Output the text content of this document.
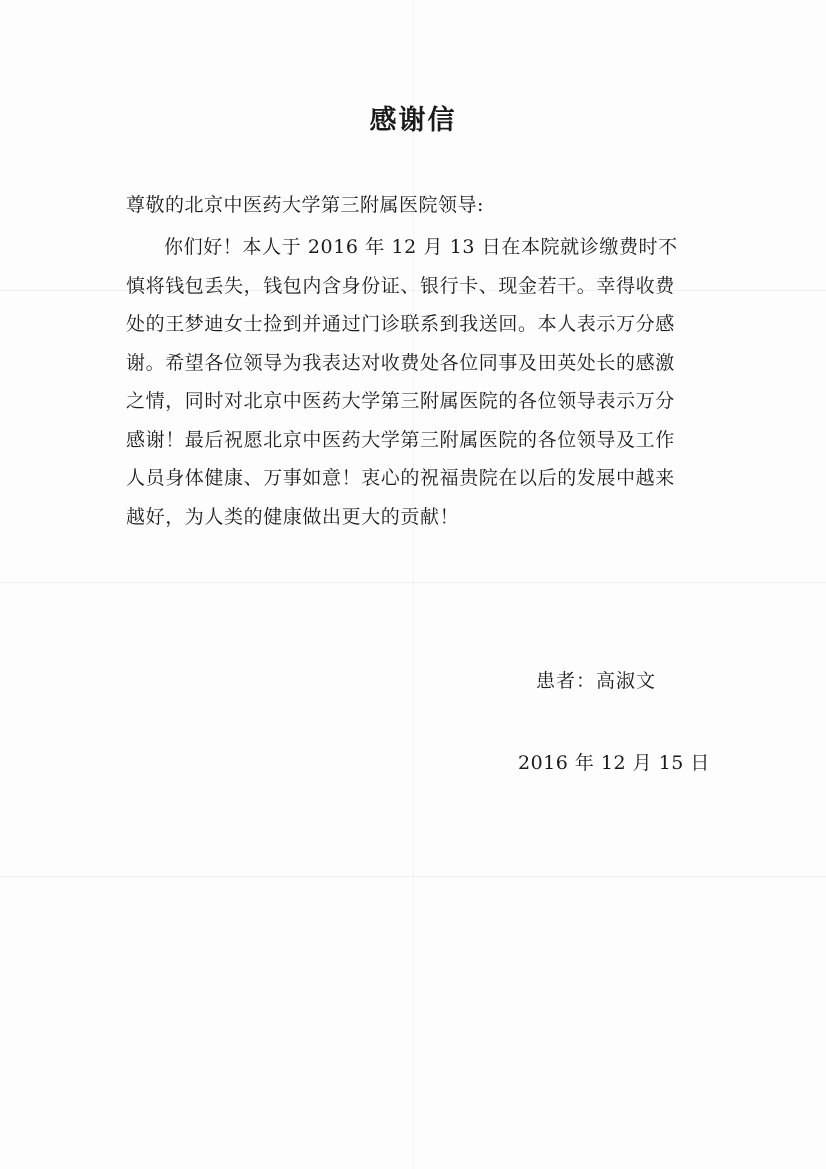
感谢信
尊敬的北京中医药大学第三附属医院领导:
你们好！本人于 2016 年 12 月 13 日在本院就诊缴费时不
慎将钱包丢失，钱包内含身份证、银行卡、现金若干。幸得收费
处的王梦迪女士捡到并通过门诊联系到我送回。本人表示万分感
谢。希望各位领导为我表达对收费处各位同事及田英处长的感激
之情，同时对北京中医药大学第三附属医院的各位领导表示万分
感谢！最后祝愿北京中医药大学第三附属医院的各位领导及工作
人员身体健康、万事如意！衷心的祝福贵院在以后的发展中越来
越好，为人类的健康做出更大的贡献！
患者：高淑文
2016 年 12 月 15 日
